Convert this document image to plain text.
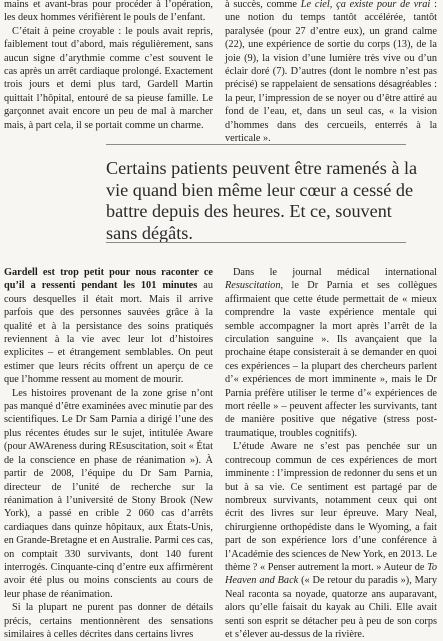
mains et avant-bras pour procéder à l’opération, les deux hommes vérifièrent le pouls de l’enfant.

C’était à peine croyable : le pouls avait repris, faiblement tout d’abord, mais régulièrement, sans aucun signe d’arythmie comme c’est souvent le cas après un arrêt cardiaque prolongé. Exactement trois jours et demi plus tard, Gardell Martin quittait l’hôpital, entouré de sa pieuse famille. Le garçonnet avait encore un peu de mal à marcher mais, à part cela, il se portait comme un charme.

à succès, comme Le ciel, ça existe pour de vrai : une notion du temps tantôt accélérée, tantôt paralysée (pour 27 d’entre eux), un grand calme (22), une expérience de sortie du corps (13), de la joie (9), la vision d’une lumière très vive ou d’un éclair doré (7). D’autres (dont le nombre n’est pas précisé) se rappelaient de sensations désagréables : la peur, l’impression de se noyer ou d’être attiré au fond de l’eau, et, dans un seul cas, « la vision d’hommes dans des cercueils, enterrés à la verticale ».

Certains patients peuvent être ramenés à la vie quand bien même leur cœur a cessé de battre depuis des heures. Et ce, souvent sans dégâts.

Gardell est trop petit pour nous raconter ce qu’il a ressenti pendant les 101 minutes au cours desquelles il était mort. Mais il arrive parfois que des personnes sauvées grâce à la qualité et à la persistance des soins pratiqués reviennent à la vie avec leur lot d’histoires explicites – et étrangement semblables. On peut estimer que leurs récits offrent un aperçu de ce que l’homme ressent au moment de mourir.

Les histoires provenant de la zone grise n’ont pas manqué d’être examinées avec minutie par des scientifiques. Le Dr Sam Parnia a dirigé l’une des plus récentes études sur le sujet, intitulée Aware (pour AWAreness during REsuscitation, soit « État de la conscience en phase de réanimation »). À partir de 2008, l’équipe du Dr Sam Parnia, directeur de l’unité de recherche sur la réanimation à l’université de Stony Brook (New York), a passé en crible 2 060 cas d’arrêts cardiaques dans quinze hôpitaux, aux États-Unis, en Grande-Bretagne et en Australie. Parmi ces cas, on comptait 330 survivants, dont 140 furent interrogés. Cinquante-cinq d’entre eux affirmèrent avoir été plus ou moins conscients au cours de leur phase de réanimation.

Si la plupart ne purent pas donner de détails précis, certains mentionnèrent des sensations similaires à celles décrites dans certains livres

Dans le journal médical international Resuscitation, le Dr Parnia et ses collègues affirmaient que cette étude permettait de « mieux comprendre la vaste expérience mentale qui semble accompagner la mort après l’arrêt de la circulation sanguine ». Ils avançaient que la prochaine étape consisterait à se demander en quoi ces expériences – la plupart des chercheurs parlent d’« expériences de mort imminente », mais le Dr Parnia préfère utiliser le terme d’« expériences de mort réelle » – peuvent affecter les survivants, tant de manière positive que négative (stress post-traumatique, troubles cognitifs).

L’étude Aware ne s’est pas penchée sur un contrecoup commun de ces expériences de mort imminente : l’impression de redonner du sens et un but à sa vie. Ce sentiment est partagé par de nombreux survivants, notamment ceux qui ont écrit des livres sur leur épreuve. Mary Neal, chirurgienne orthopédiste dans le Wyoming, a fait part de son expérience lors d’une conférence à l’Académie des sciences de New York, en 2013. Le thème ? « Penser autrement la mort. » Auteur de To Heaven and Back (« De retour du paradis »), Mary Neal raconta sa noyade, quatorze ans auparavant, alors qu’elle faisait du kayak au Chili. Elle avait senti son esprit se détacher peu à peu de son corps et s’élever au-dessus de la rivière.
